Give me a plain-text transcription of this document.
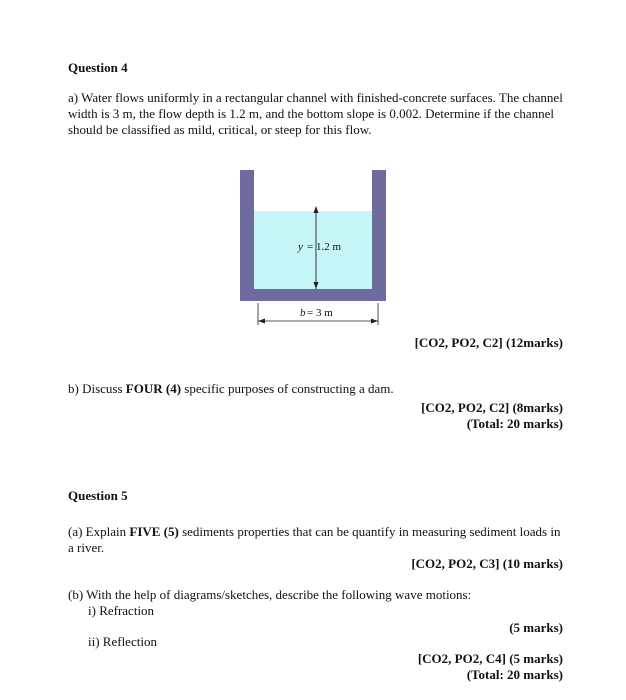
Question 4
a) Water flows uniformly in a rectangular channel with finished-concrete surfaces. The channel width is 3 m, the flow depth is 1.2 m, and the bottom slope is 0.002. Determine if the channel should be classified as mild, critical, or steep for this flow.
y = 1.2 m
b = 3 m
[CO2, PO2, C2] (12marks)
b) Discuss FOUR (4) specific purposes of constructing a dam.
[CO2, PO2, C2] (8marks)
(Total: 20 marks)
Question 5
(a) Explain FIVE (5) sediments properties that can be quantify in measuring sediment loads in a river.
[CO2, PO2, C3] (10 marks)
(b) With the help of diagrams/sketches, describe the following wave motions:
i) Refraction
(5 marks)
ii) Reflection
[CO2, PO2, C4] (5 marks)
(Total: 20 marks)
